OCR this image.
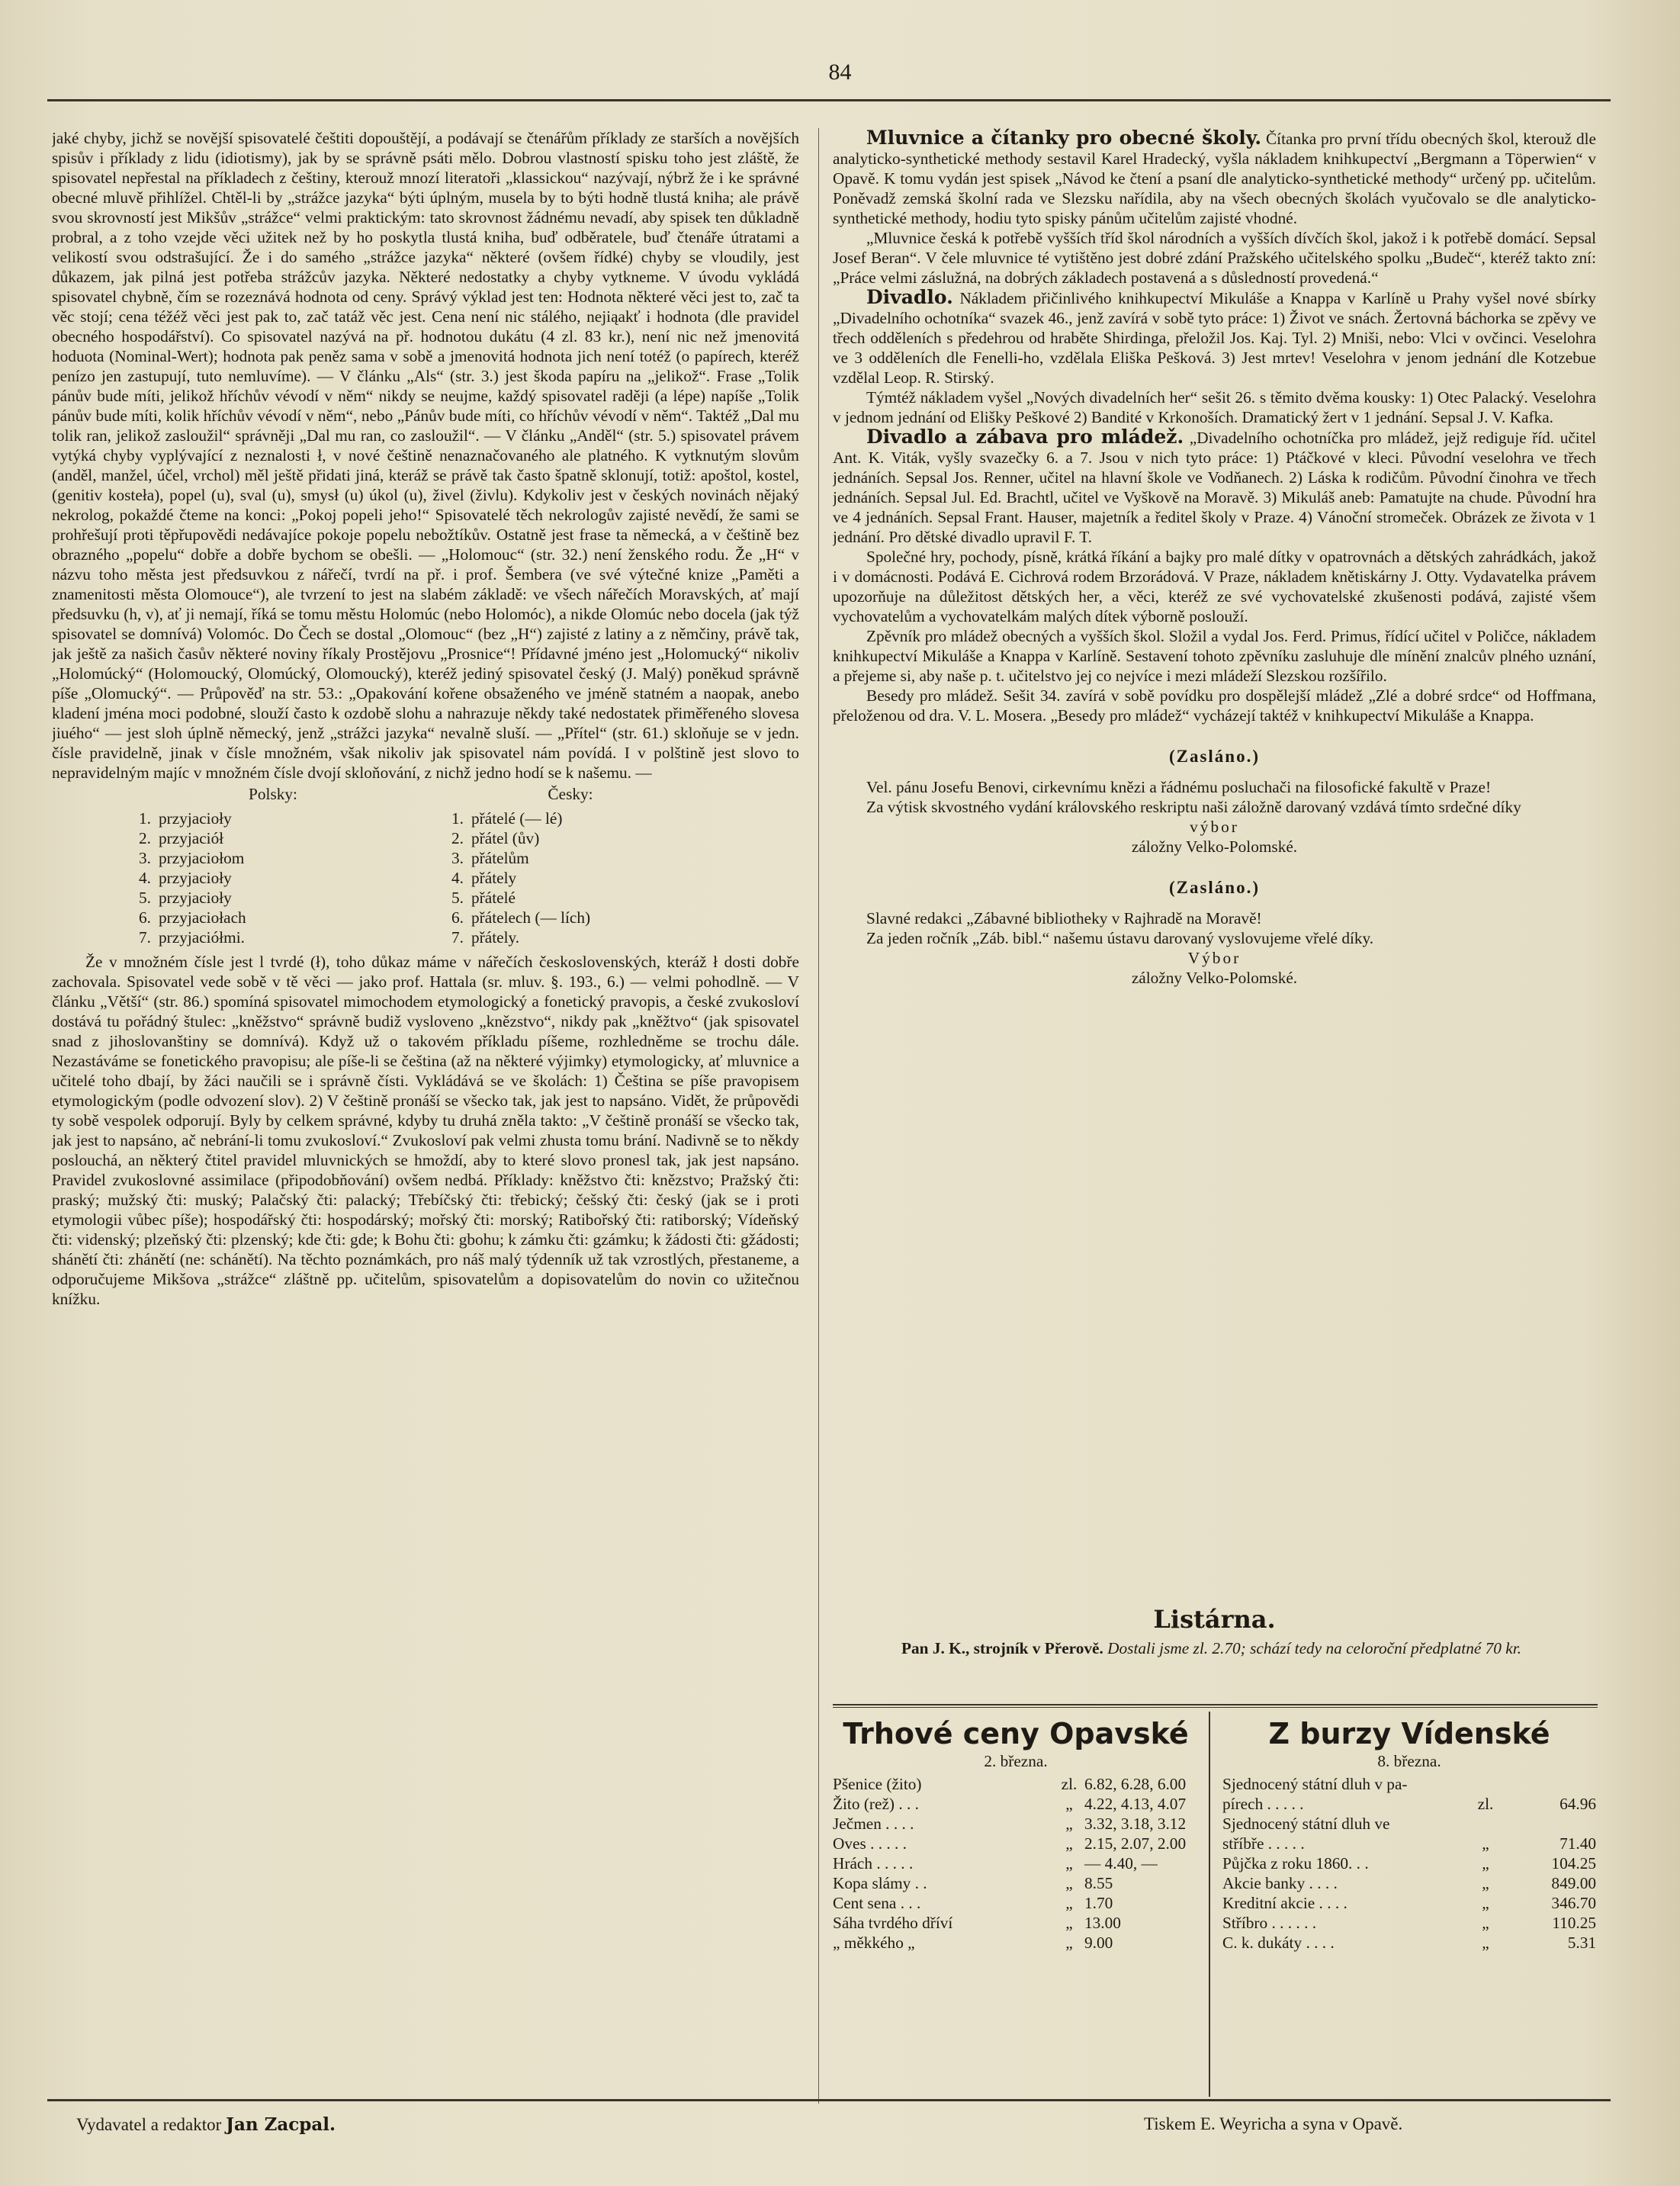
84

jaké chyby, jichž se novější spisovatelé češtiti dopouštějí, a podávají se čtenářům příklady ze starších a novějších spisův i příklady z lidu (idiotismy), jak by se správně psáti mělo. Dobrou vlastností spisku toho jest zláště, že spisovatel nepřestal na příkladech z češtiny, kterouž mnozí literatoři „klassickou“ nazývají, nýbrž že i ke správné obecné mluvě přihlížel. Chtěl-li by „strážce jazyka“ býti úplným, musela by to býti hodně tlustá kniha; ale právě svou skrovností jest Mikšův „strážce“ velmi praktickým: tato skrovnost žádnému nevadí, aby spisek ten důkladně probral, a z toho vzejde věci užitek než by ho poskytla tlustá kniha, buď odběratele, buď čtenáře útratami a velikostí svou odstrašující. Že i do samého „strážce jazyka“ některé (ovšem řídké) chyby se vloudily, jest důkazem, jak pilná jest potřeba strážcův jazyka. Některé nedostatky a chyby vytkneme. V úvodu vykládá spisovatel chybně, čím se rozeznává hodnota od ceny. Správý výklad jest ten: Hodnota některé věci jest to, zač ta věc stojí; cena téžéž věci jest pak to, zač tatáž věc jest. Cena není nic stálého, nejiąakť i hodnota (dle pravidel obecného hospodářství). Co spisovatel nazývá na př. hodnotou dukátu (4 zl. 83 kr.), není nic než jmenovitá hoduota (Nominal-Wert); hodnota pak peněz sama v sobě a jmenovitá hodnota jich není totéž (o papírech, kteréž penízo jen zastupují, tuto nemluvíme). — V článku „Als“ (str. 3.) jest škoda papíru na „jelikož“. Frase „Tolik pánův bude míti, jelikož hříchův vévodí v něm“ nikdy se neujme, každý spisovatel raději (a lépe) napíše „Tolik pánův bude míti, kolik hříchův vévodí v něm“, nebo „Pánův bude míti, co hříchův vévodí v něm“. Taktéž „Dal mu tolik ran, jelikož zasloužil“ správněji „Dal mu ran, co zasloužil“. — V článku „Anděl“ (str. 5.) spisovatel právem vytýká chyby vyplývající z neznalosti ł, v nové češtině nenaznačovaného ale platného. K vytknutým slovům (anděl, manžel, účel, vrchol) měl ještě přidati jiná, kteráž se právě tak často špatně sklonují, totiž: apoštol, kostel, (genitiv kosteła), popel (u), sval (u), smysł (u) úkol (u), živel (živlu). Kdykoliv jest v českých novinách nějaký nekrolog, pokaždé čteme na konci: „Pokoj popeli jeho!“ Spisovatelé těch nekrologův zajisté nevědí, že sami se prohřešují proti těpřupovědi nedávajíce pokoje popelu nebožtíkův. Ostatně jest frase ta německá, a v češtině bez obrazného „popelu“ dobře a dobře bychom se obešli. — „Holomouc“ (str. 32.) není ženského rodu. Že „H“ v názvu toho města jest předsuvkou z nářečí, tvrdí na př. i prof. Šembera (ve své výtečné knize „Paměti a znamenitosti města Olomouce“), ale tvrzení to jest na slabém základě: ve všech nářečích Moravských, ať mají předsuvku (h, v), ať ji nemají, říká se tomu městu Holomúc (nebo Holomóc), a nikde Olomúc nebo docela (jak týž spisovatel se domnívá) Volomóc. Do Čech se dostal „Olomouc“ (bez „H“) zajisté z latiny a z němčiny, právě tak, jak ještě za našich časův některé noviny říkaly Prostějovu „Prosnice“! Přídavné jméno jest „Holomucký“ nikoliv „Holomúcký“ (Holomoucký, Olomúcký, Olomoucký), kteréž jediný spisovatel český (J. Malý) poněkud správně píše „Olomucký“. — Průpověď na str. 53.: „Opakování kořene obsaženého ve jméně statném a naopak, anebo kladení jména moci podobné, slouží často k ozdobě slohu a nahrazuje někdy také nedostatek přiměřeného slovesa jiuého“ — jest sloh úplně německý, jenž „strážci jazyka“ nevalně sluší. — „Přítel“ (str. 61.) skloňuje se v jedn. čísle pravidelně, jinak v čísle množném, však nikoliv jak spisovatel nám povídá. I v polštině jest slovo to nepravidelným majíc v množném čísle dvojí skloňování, z nichž jedno hodí se k našemu. —

Polsky:	Česky:
1. przyjacioły	1. přátelé (— lé)
2. przyjaciół	2. přátel (ův)
3. przyjaciołom	3. přátelům
4. przyjacioły	4. přátely
5. przyjacioły	5. přátelé
6. przyjaciołach	6. přátelech (— lích)
7. przyjaciółmi.	7. přátely.

Že v množném čísle jest l tvrdé (ł), toho důkaz máme v nářečích československých, kteráž ł dosti dobře zachovala. Spisovatel vede sobě v tě věci — jako prof. Hattala (sr. mluv. §. 193., 6.) — velmi pohodlně. — V článku „Větší“ (str. 86.) spomíná spisovatel mimochodem etymologický a fonetický pravopis, a české zvukosloví dostává tu pořádný štulec: „kněžstvo“ správně budiž vysloveno „knězstvo“, nikdy pak „kněžtvo“ (jak spisovatel snad z jihoslovanštiny se domnívá). Když už o takovém příkladu píšeme, rozhledněme se trochu dále. Nezastáváme se fonetického pravopisu; ale píše-li se čeština (až na některé výjimky) etymologicky, ať mluvnice a učitelé toho dbají, by žáci naučili se i správně čísti. Vykládává se ve školách: 1) Čeština se píše pravopisem etymologickým (podle odvození slov). 2) V češtině pronáší se všecko tak, jak jest to napsáno. Vidět, že průpovědi ty sobě vespolek odporují. Byly by celkem správné, kdyby tu druhá zněla takto: „V češtině pronáší se všecko tak, jak jest to napsáno, ač nebrání-li tomu zvukosloví.“ Zvukosloví pak velmi zhusta tomu brání. Nadivně se to někdy poslouchá, an některý čtitel pravidel mluvnických se hmoždí, aby to které slovo pronesl tak, jak jest napsáno. Pravidel zvukoslovné assimilace (připodobňování) ovšem nedbá. Příklady: kněžstvo čti: knězstvo; Pražský čti: praský; mužský čti: muský; Palačský čti: palacký; Třebíčský čti: třebický; češský čti: český (jak se i proti etymologii vůbec píše); hospodářský čti: hospodárský; mořský čti: morský; Ratibořský čti: ratiborský; Vídeňský čti: videnský; plzeňský čti: plzenský; kde čti: gde; k Bohu čti: gbohu; k zámku čti: gzámku; k žádosti čti: gžádosti; shánětí čti: zhánětí (ne: schánětí). Na těchto poznámkách, pro náš malý týdenník už tak vzrostlých, přestaneme, a odporučujeme Mikšova „strážce“ zláštně pp. učitelům, spisovatelům a dopisovatelům do novin co užitečnou knížku.

Mluvnice a čítanky pro obecné školy. Čítanka pro první třídu obecných škol, kterouž dle analyticko-synthetické methody sestavil Karel Hradecký, vyšla nákladem knihkupectví „Bergmann a Töperwien“ v Opavě. K tomu vydán jest spisek „Návod ke čtení a psaní dle analyticko-synthetické methody“ určený pp. učitelům. Poněvadž zemská školní rada ve Slezsku nařídila, aby na všech obecných školách vyučovalo se dle analyticko-synthetické methody, hodiu tyto spisky pánům učitelům zajisté vhodné.

„Mluvnice česká k potřebě vyšších tříd škol národních a vyšších dívčích škol, jakož i k potřebě domácí. Sepsal Josef Beran“. V čele mluvnice té vytištěno jest dobré zdání Pražského učitelského spolku „Budeč“, kteréž takto zní: „Práce velmi záslužná, na dobrých základech postavená a s důsledností provedená.“

Divadlo. Nákladem přičinlivého knihkupectví Mikuláše a Knappa v Karlíně u Prahy vyšel nové sbírky „Divadelního ochotníka“ svazek 46., jenž zavírá v sobě tyto práce: 1) Život ve snách. Žertovná báchorka se zpěvy ve třech odděleních s předehrou od hraběte Shirdinga, přeložil Jos. Kaj. Tyl. 2) Mniši, nebo: Vlci v ovčinci. Veselohra ve 3 odděleních dle Fenelli-ho, vzdělala Eliška Pešková. 3) Jest mrtev! Veselohra v jenom jednání dle Kotzebue vzdělal Leop. R. Stirský.

Týmtéž nákladem vyšel „Nových divadelních her“ sešit 26. s těmito dvěma kousky: 1) Otec Palacký. Veselohra v jednom jednání od Elišky Peškové 2) Bandité v Krkonoších. Dramatický žert v 1 jednání. Sepsal J. V. Kafka.

Divadlo a zábava pro mládež. „Divadelního ochotníčka pro mládež, jejž rediguje říd. učitel Ant. K. Viták, vyšly svazečky 6. a 7. Jsou v nich tyto práce: 1) Ptáčkové v kleci. Původní veselohra ve třech jednáních. Sepsal Jos. Renner, učitel na hlavní škole ve Vodňanech. 2) Láska k rodičům. Původní činohra ve třech jednáních. Sepsal Jul. Ed. Brachtl, učitel ve Vyškově na Moravě. 3) Mikuláš aneb: Pamatujte na chude. Původní hra ve 4 jednáních. Sepsal Frant. Hauser, majetník a ředitel školy v Praze. 4) Vánoční stromeček. Obrázek ze života v 1 jednání. Pro dětské divadlo upravil F. T.

Společné hry, pochody, písně, krátká říkání a bajky pro malé dítky v opatrovnách a dětských zahrádkách, jakož i v domácnosti. Podává E. Cichrová rodem Brzorádová. V Praze, nákladem knětiskárny J. Otty. Vydavatelka právem upozorňuje na důležitost dětských her, a věci, kteréž ze své vychovatelské zkušenosti podává, zajisté všem vychovatelům a vychovatelkám malých dítek výborně poslouží.

Zpěvník pro mládež obecných a vyšších škol. Složil a vydal Jos. Ferd. Primus, řídící učitel v Poličce, nákladem knihkupectví Mikuláše a Knappa v Karlíně. Sestavení tohoto zpěvníku zasluhuje dle mínění znalcův plného uznání, a přejeme si, aby naše p. t. učitelstvo jej co nejvíce i mezi mládeží Slezskou rozšířilo.

Besedy pro mládež. Sešit 34. zavírá v sobě povídku pro dospělejší mládež „Zlé a dobré srdce“ od Hoffmana, přeloženou od dra. V. L. Mosera. „Besedy pro mládež“ vycházejí taktéž v knihkupectví Mikuláše a Knappa.

(Zasláno.)

Vel. pánu Josefu Benovi, cirkevnímu knězi a řádnému posluchači na filosofické fakultě v Praze!

Za výtisk skvostného vydání královského reskriptu naši záložně darovaný vzdává tímto srdečné díky

výbor

záložny Velko-Polomské.

(Zasláno.)

Slavné redakci „Zábavné bibliotheky v Rajhradě na Moravě!

Za jeden ročník „Záb. bibl.“ našemu ústavu darovaný vyslovujeme vřelé díky.

Výbor

záložny Velko-Polomské.

Listárna.
Pan J. K., strojník v Přerově. Dostali jsme zl. 2.70; schází tedy na celoroční předplatné 70 kr.
Trhové ceny Opavské
2. března.
Pšenice (žito)	zl. 6.82, 6.28, 6.00
Žito (rež) . . .	„ 4.22, 4.13, 4.07
Ječmen . . . .	„ 3.32, 3.18, 3.12
Oves . . . . .	„ 2.15, 2.07, 2.00
Hrách . . . . .	„ — 4.40, —
Kopa slámy . .	„ 8.55
Cent sena . . .	„ 1.70
Sáha tvrdého dříví	„ 13.00
„ měkkého „	„ 9.00
Z burzy Vídenské
8. března.
Sjednocený státní dluh v pa-
pírech . . . . .	zl.	64.96
Sjednocený státní dluh ve
stříbře . . . . .	„	71.40
Půjčka z roku 1860. . .	„	104.25
Akcie banky . . . .	„	849.00
Kreditní akcie . . . .	„	346.70
Stříbro . . . . . .	„	110.25
C. k. dukáty . . . .	„	5.31
Vydavatel a redaktor Jan Zacpal.	Tiskem E. Weyricha a syna v Opavě.
